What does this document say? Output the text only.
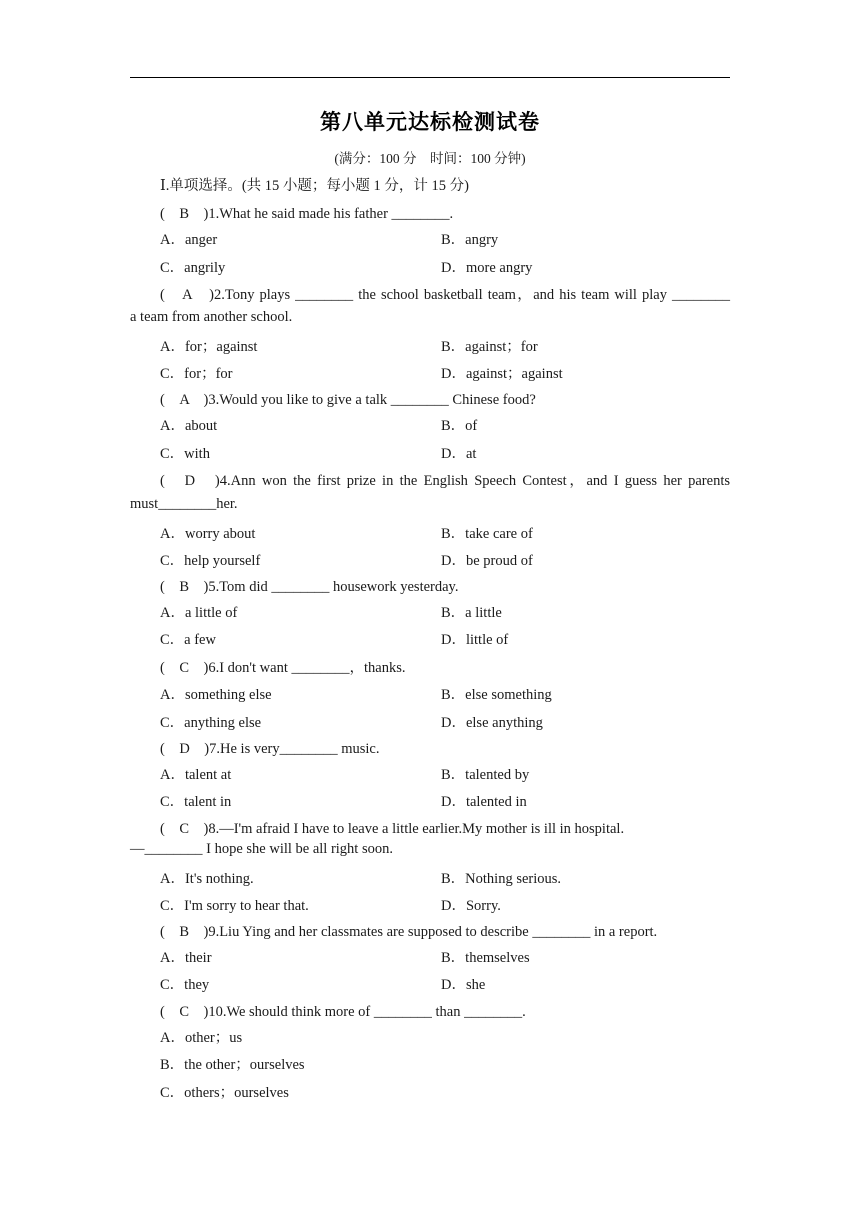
第八单元达标检测试卷
(满分：100 分　时间：100 分钟)
Ⅰ.单项选择。(共 15 小题；每小题 1 分，计 15 分)
(　B　)1.What he said made his father ________.
A．anger	B．angry
C．angrily	D．more angry
(　A　)2.Tony plays ________ the school basketball team，and his team will play ________
a team from another school.
A．for；against	B．against；for
C．for；for	D．against；against
(　A　)3.Would you like to give a talk ________ Chinese food?
A．about	B．of
C．with	D．at
(　D　)4.Ann won the first prize in the English Speech Contest，and I guess her parents
must________her.
A．worry about	B．take care of
C．help yourself	D．be proud of
(　B　)5.Tom did ________ housework yesterday.
A．a little of	B．a little
C．a few	D．little of
(　C　)6.I don't want ________，thanks.
A．something else	B．else something
C．anything else	D．else anything
(　D　)7.He is very________ music.
A．talent at	B．talented by
C．talent in	D．talented in
(　C　)8.—I'm afraid I have to leave a little earlier.My mother is ill in hospital.
—________ I hope she will be all right soon.
A．It's nothing.	B．Nothing serious.
C．I'm sorry to hear that.	D．Sorry.
(　B　)9.Liu Ying and her classmates are supposed to describe ________ in a report.
A．their	B．themselves
C．they	D．she
(　C　)10.We should think more of ________ than ________.
A．other；us
B．the other；ourselves
C．others；ourselves
